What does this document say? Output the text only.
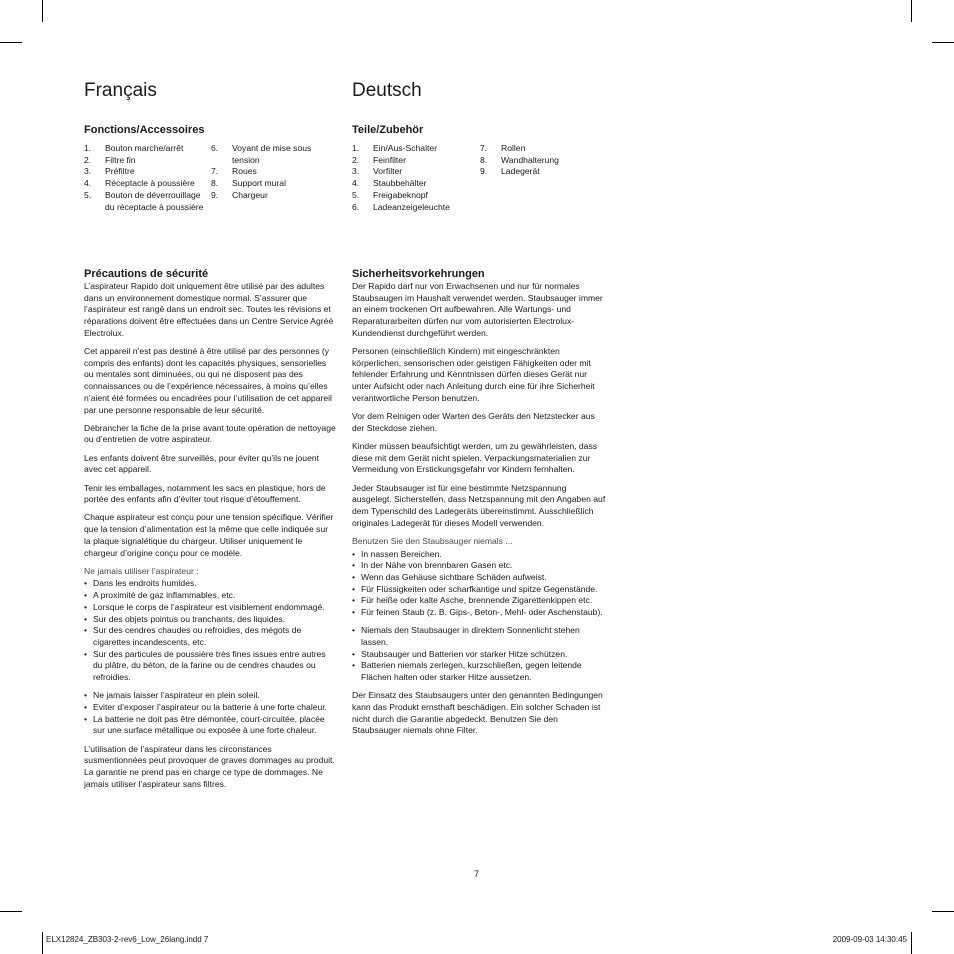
Français
Fonctions/Accessoires
1.	Bouton marche/arrêt
2.	Filtre fin
3.	Préfiltre
4.	Réceptacle à poussière
5.	Bouton de déverrouillage du réceptacle à poussière
6.	Voyant de mise sous tension
7.	Roues
8.	Support mural
9.	Chargeur
Précautions de sécurité

L’aspirateur Rapido doit uniquement être utilisé par des adultes dans un environnement domestique normal. S’assurer que l’aspirateur est rangé dans un endroit sec. Toutes les révisions et réparations doivent être effectuées dans un Centre Service Agréé Electrolux.

Cet appareil n’est pas destiné à être utilisé par des personnes (y compris des enfants) dont les capacités physiques, sensorielles ou mentales sont diminuées, ou qui ne disposent pas des connaissances ou de l’expérience nécessaires, à moins qu’elles n’aient été formées ou encadrées pour l’utilisation de cet appareil par une personne responsable de leur sécurité.

Débrancher la fiche de la prise avant toute opération de nettoyage ou d’entretien de votre aspirateur.

Les enfants doivent être surveillés, pour éviter qu’ils ne jouent avec cet appareil.

Tenir les emballages, notamment les sacs en plastique, hors de portée des enfants afin d’éviter tout risque d’étouffement.

Chaque aspirateur est conçu pour une tension spécifique. Vérifier que la tension d’alimentation est la même que celle indiquée sur la plaque signalétique du chargeur. Utiliser uniquement le chargeur d’origine conçu pour ce modèle.

Ne jamais utiliser l’aspirateur :

• Dans les endroits humides.
• A proximité de gaz inflammables, etc.
• Lorsque le corps de l’aspirateur est visiblement endommagé.
• Sur des objets pointus ou tranchants, des liquides.
• Sur des cendres chaudes ou refroidies, des mégots de cigarettes incandescents, etc.
• Sur des particules de poussière très fines issues entre autres du plâtre, du béton, de la farine ou de cendres chaudes ou refroidies.
• Ne jamais laisser l’aspirateur en plein soleil.
• Eviter d’exposer l’aspirateur ou la batterie à une forte chaleur.
• La batterie ne doit pas être démontée, court-circuitée, placée sur une surface métallique ou exposée à une forte chaleur.

L’utilisation de l’aspirateur dans les circonstances susmentionnées peut provoquer de graves dommages au produit. La garantie ne prend pas en charge ce type de dommages. Ne jamais utiliser l’aspirateur sans filtres.

Deutsch
Teile/Zubehör
1.	Ein/Aus-Schalter
2.	Feinfilter
3.	Vorfilter
4.	Staubbehälter
5.	Freigabeknopf
6.	Ladeanzeigeleuchte
7.	Rollen
8.	Wandhalterung
9.	Ladegerät
Sicherheitsvorkehrungen

Der Rapido darf nur von Erwachsenen und nur für normales Staubsaugen im Haushalt verwendet werden. Staubsauger immer an einem trockenen Ort aufbewahren. Alle Wartungs- und Reparaturarbeiten dürfen nur vom autorisierten Electrolux-Kundendienst durchgeführt werden.

Personen (einschließlich Kindern) mit eingeschränkten körperlichen, sensorischen oder geistigen Fähigkeiten oder mit fehlender Erfahrung und Kenntnissen dürfen dieses Gerät nur unter Aufsicht oder nach Anleitung durch eine für ihre Sicherheit verantwortliche Person benutzen.

Vor dem Reinigen oder Warten des Geräts den Netzstecker aus der Steckdose ziehen.

Kinder müssen beaufsichtigt werden, um zu gewährleisten, dass diese mit dem Gerät nicht spielen. Verpackungsmaterialien zur Vermeidung von Erstickungsgefahr vor Kindern fernhalten.

Jeder Staubsauger ist für eine bestimmte Netzspannung ausgelegt. Sicherstellen, dass Netzspannung mit den Angaben auf dem Typenschild des Ladegeräts übereinstimmt. Ausschließlich originales Ladegerät für dieses Modell verwenden.

Benutzen Sie den Staubsauger niemals ...

• In nassen Bereichen.
• In der Nähe von brennbaren Gasen etc.
• Wenn das Gehäuse sichtbare Schäden aufweist.
• Für Flüssigkeiten oder scharfkantige und spitze Gegenstände.
• Für heiße oder kalte Asche, brennende Zigarettenkippen etc.
• Für feinen Staub (z. B. Gips-, Beton-, Mehl- oder Aschenstaub).
• Niemals den Staubsauger in direktem Sonnenlicht stehen lassen.
• Staubsauger und Batterien vor starker Hitze schützen.
• Batterien niemals zerlegen, kurzschließen, gegen leitende Flächen halten oder starker Hitze aussetzen.

Der Einsatz des Staubsaugers unter den genannten Bedingungen kann das Produkt ernsthaft beschädigen. Ein solcher Schaden ist nicht durch die Garantie abgedeckt. Benutzen Sie den Staubsauger niemals ohne Filter.

7
ELX12824_ZB303-2-rev6_Low_26lang.indd 7	2009-09-03 14:30:45
